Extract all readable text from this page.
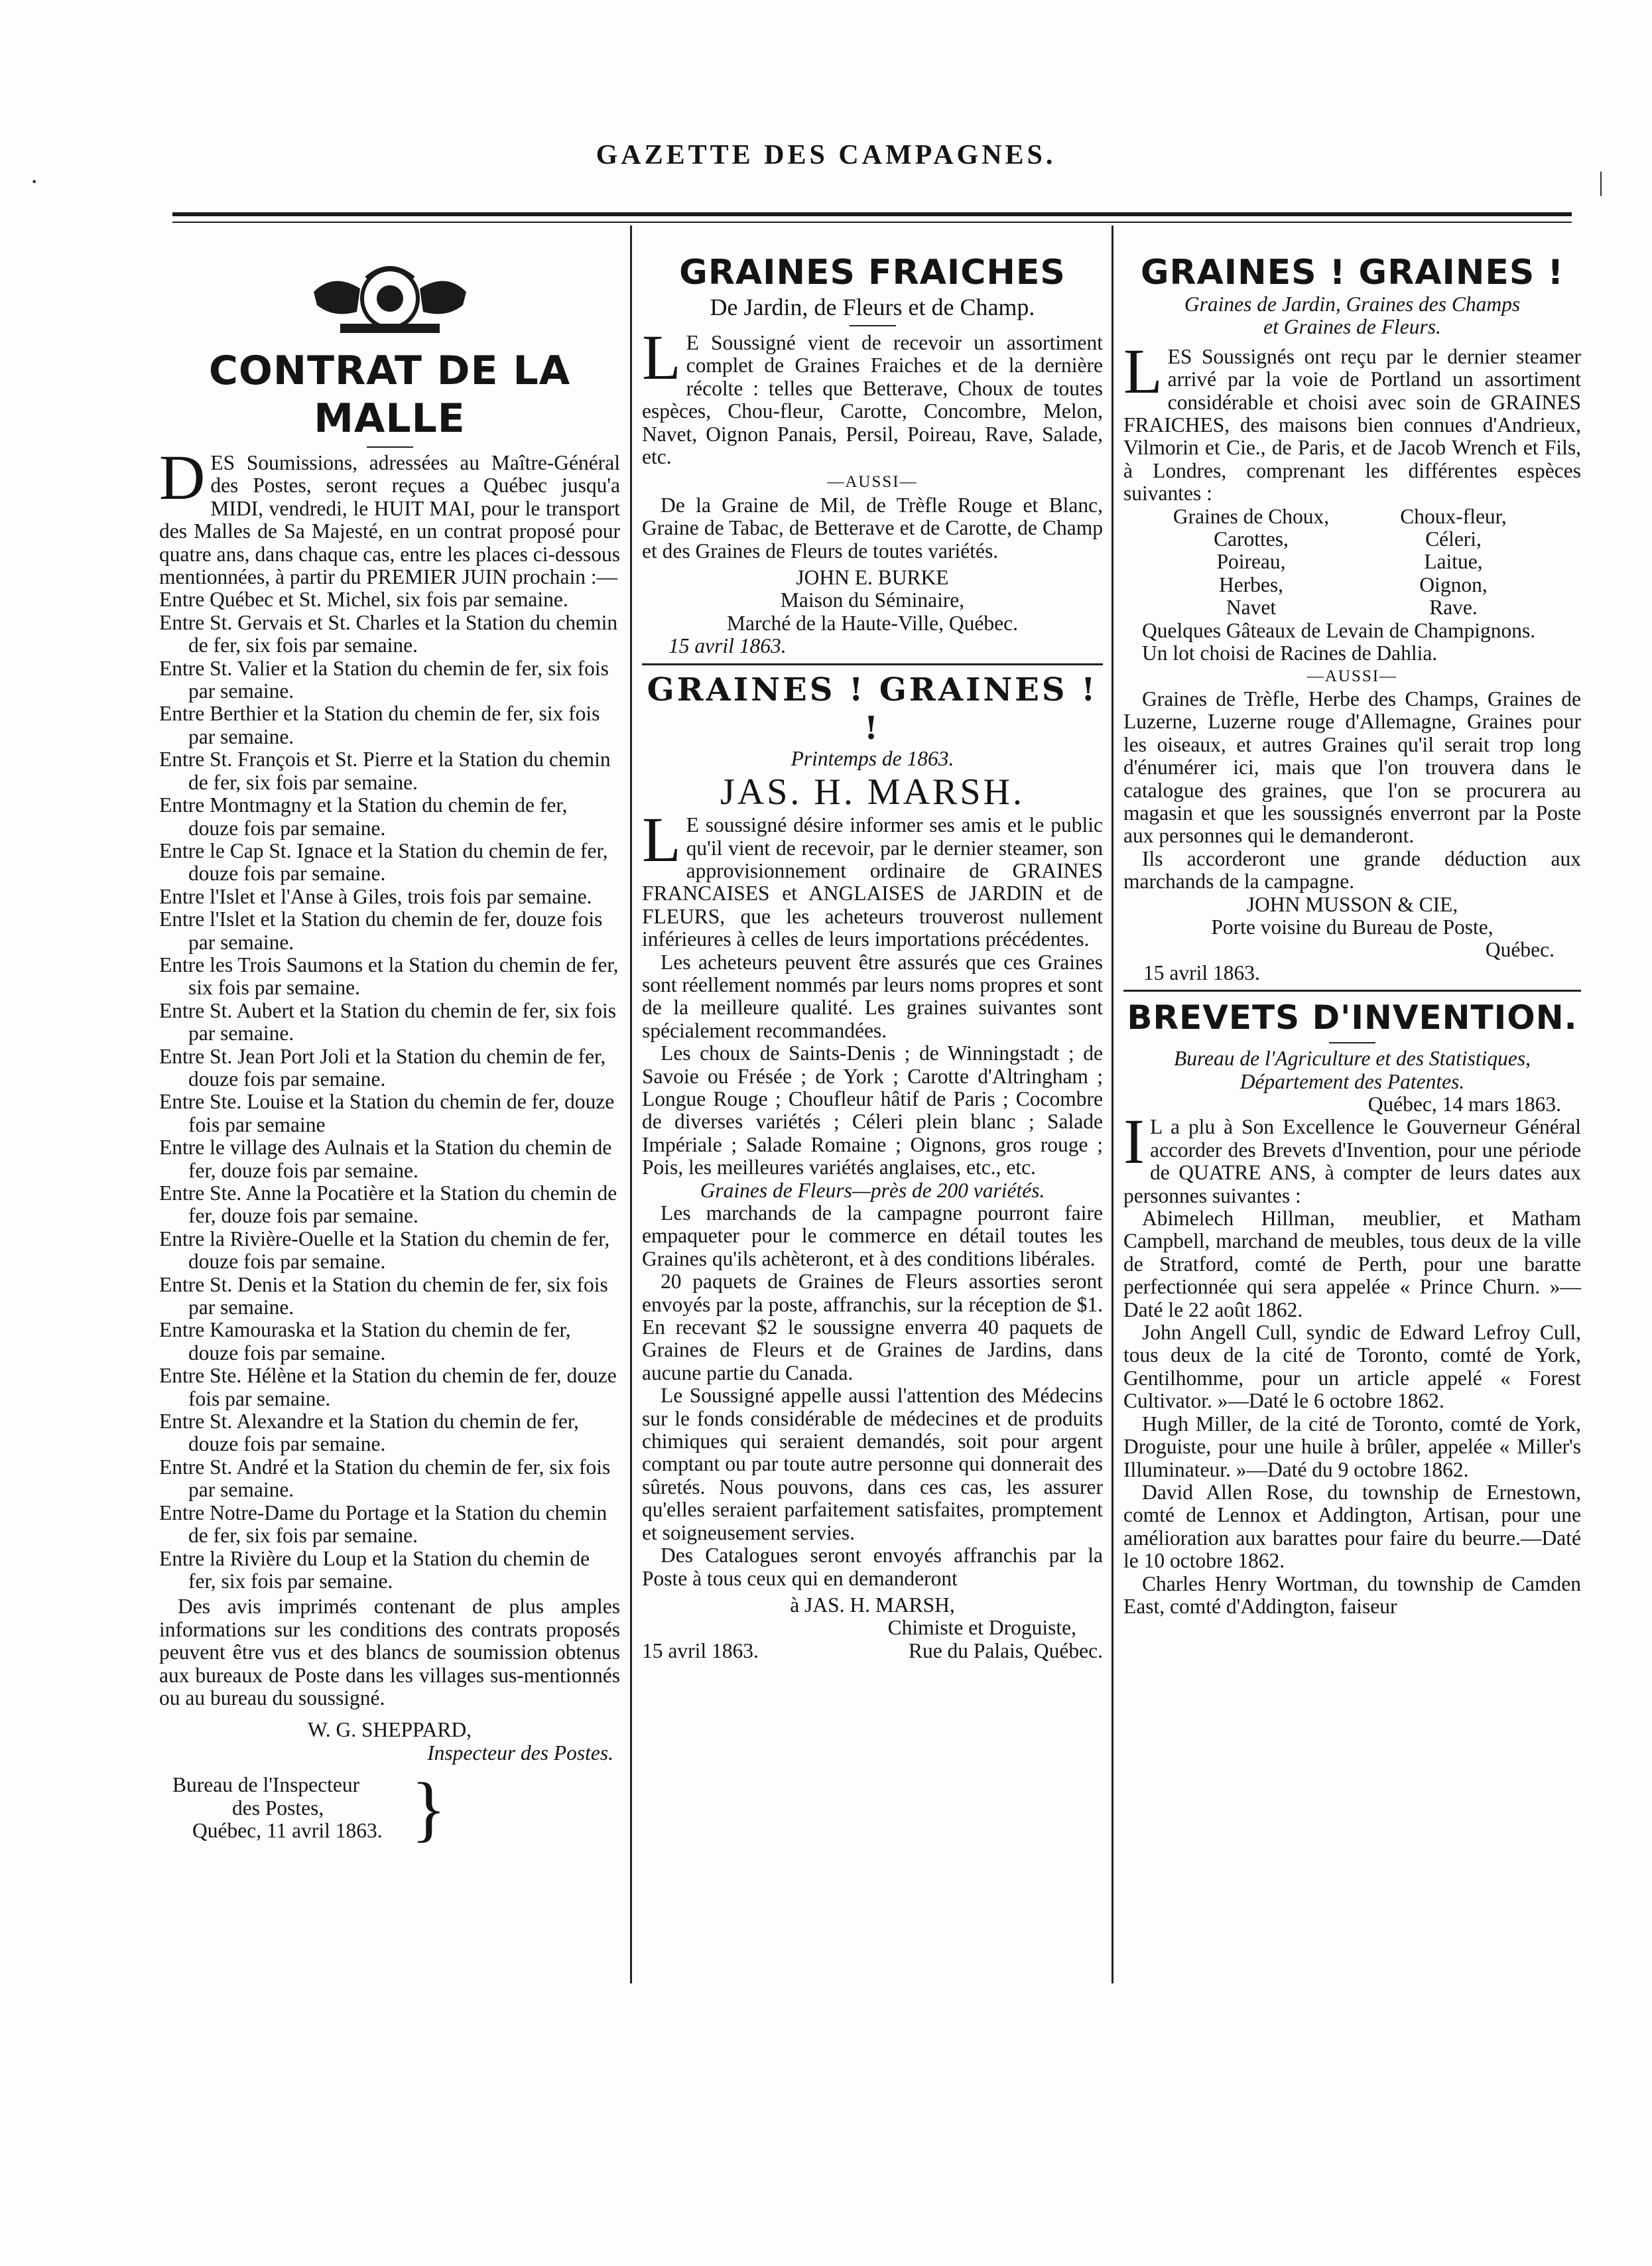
GAZETTE DES CAMPAGNES.
·	|
CONTRAT DE LA MALLE
DES Soumissions, adressées au Maître-Général des Postes, seront reçues a Québec jusqu'a MIDI, vendredi, le HUIT MAI, pour le transport des Malles de Sa Majesté, en un contrat proposé pour quatre ans, dans chaque cas, entre les places ci-dessous mentionnées, à partir du PREMIER JUIN prochain :—
Entre Québec et St. Michel, six fois par semaine.
Entre St. Gervais et St. Charles et la Station du chemin de fer, six fois par semaine.
Entre St. Valier et la Station du chemin de fer, six fois par semaine.
Entre Berthier et la Station du chemin de fer, six fois par semaine.
Entre St. François et St. Pierre et la Station du chemin de fer, six fois par semaine.
Entre Montmagny et la Station du chemin de fer, douze fois par semaine.
Entre le Cap St. Ignace et la Station du chemin de fer, douze fois par semaine.
Entre l'Islet et l'Anse à Giles, trois fois par semaine.
Entre l'Islet et la Station du chemin de fer, douze fois par semaine.
Entre les Trois Saumons et la Station du chemin de fer, six fois par semaine.
Entre St. Aubert et la Station du chemin de fer, six fois par semaine.
Entre St. Jean Port Joli et la Station du chemin de fer, douze fois par semaine.
Entre Ste. Louise et la Station du chemin de fer, douze fois par semaine
Entre le village des Aulnais et la Station du chemin de fer, douze fois par semaine.
Entre Ste. Anne la Pocatière et la Station du chemin de fer, douze fois par semaine.
Entre la Rivière-Ouelle et la Station du chemin de fer, douze fois par semaine.
Entre St. Denis et la Station du chemin de fer, six fois par semaine.
Entre Kamouraska et la Station du chemin de fer, douze fois par semaine.
Entre Ste. Hélène et la Station du chemin de fer, douze fois par semaine.
Entre St. Alexandre et la Station du chemin de fer, douze fois par semaine.
Entre St. André et la Station du chemin de fer, six fois par semaine.
Entre Notre-Dame du Portage et la Station du chemin de fer, six fois par semaine.
Entre la Rivière du Loup et la Station du chemin de fer, six fois par semaine.
Des avis imprimés contenant de plus amples informations sur les conditions des contrats proposés peuvent être vus et des blancs de soumission obtenus aux bureaux de Poste dans les villages sus-mentionnés ou au bureau du soussigné.
W. G. SHEPPARD,
Inspecteur des Postes.
Bureau de l'Inspecteur
des Postes,
Québec, 11 avril 1863. }
GRAINES FRAICHES
De Jardin, de Fleurs et de Champ.
L E Soussigné vient de recevoir un assortiment complet de Graines Fraiches et de la dernière récolte : telles que Betterave, Choux de toutes espèces, Chou-fleur, Carotte, Concombre, Melon, Navet, Oignon Panais, Persil, Poireau, Rave, Salade, etc.
—AUSSI—
De la Graine de Mil, de Trèfle Rouge et Blanc, Graine de Tabac, de Betterave et de Carotte, de Champ et des Graines de Fleurs de toutes variétés.
JOHN E. BURKE
Maison du Séminaire,
Marché de la Haute-Ville, Québec.
15 avril 1863.
GRAINES ! GRAINES ! !
Printemps de 1863.
JAS. H. MARSH.
L E soussigné désire informer ses amis et le public qu'il vient de recevoir, par le dernier steamer, son approvisionnement ordinaire de GRAINES FRANCAISES et ANGLAISES de JARDIN et de FLEURS, que les acheteurs trouverost nullement inférieures à celles de leurs importations précédentes.
Les acheteurs peuvent être assurés que ces Graines sont réellement nommés par leurs noms propres et sont de la meilleure qualité. Les graines suivantes sont spécialement recommandées.
Les choux de Saints-Denis ; de Winningstadt ; de Savoie ou Frésée ; de York ; Carotte d'Altringham ; Longue Rouge ; Choufleur hâtif de Paris ; Cocombre de diverses variétés ; Céleri plein blanc ; Salade Impériale ; Salade Romaine ; Oignons, gros rouge ; Pois, les meilleures variétés anglaises, etc., etc.
Graines de Fleurs—près de 200 variétés.
Les marchands de la campagne pourront faire empaqueter pour le commerce en détail toutes les Graines qu'ils achèteront, et à des conditions libérales.
20 paquets de Graines de Fleurs assorties seront envoyés par la poste, affranchis, sur la réception de $1. En recevant $2 le soussigne enverra 40 paquets de Graines de Fleurs et de Graines de Jardins, dans aucune partie du Canada.
Le Soussigné appelle aussi l'attention des Médecins sur le fonds considérable de médecines et de produits chimiques qui seraient demandés, soit pour argent comptant ou par toute autre personne qui donnerait des sûretés. Nous pouvons, dans ces cas, les assurer qu'elles seraient parfaitement satisfaites, promptement et soigneusement servies.
Des Catalogues seront envoyés affranchis par la Poste à tous ceux qui en demanderont
à JAS. H. MARSH,
Chimiste et Droguiste,
15 avril 1863.	Rue du Palais, Québec.
GRAINES ! GRAINES !
Graines de Jardin, Graines des Champs
et Graines de Fleurs.
LES Soussignés ont reçu par le dernier steamer arrivé par la voie de Portland un assortiment considérable et choisi avec soin de GRAINES FRAICHES, des maisons bien connues d'Andrieux, Vilmorin et Cie., de Paris, et de Jacob Wrench et Fils, à Londres, comprenant les différentes espèces suivantes :
Graines de Choux,	Choux-fleur,
Carottes,	Céleri,
Poireau,	Laitue,
Herbes,	Oignon,
Navet	Rave.
Quelques Gâteaux de Levain de Champignons.
Un lot choisi de Racines de Dahlia.
—AUSSI—
Graines de Trèfle, Herbe des Champs, Graines de Luzerne, Luzerne rouge d'Allemagne, Graines pour les oiseaux, et autres Graines qu'il serait trop long d'énumérer ici, mais que l'on trouvera dans le catalogue des graines, que l'on se procurera au magasin et que les soussignés enverront par la Poste aux personnes qui le demanderont.
Ils accorderont une grande déduction aux marchands de la campagne.
JOHN MUSSON & CIE,
Porte voisine du Bureau de Poste,
Québec.
15 avril 1863.
BREVETS D'INVENTION.
Bureau de l'Agriculture et des Statistiques,
Département des Patentes.
Québec, 14 mars 1863.
I L a plu à Son Excellence le Gouverneur Général accorder des Brevets d'Invention, pour une période de QUATRE ANS, à compter de leurs dates aux personnes suivantes :
Abimelech Hillman, meublier, et Matham Campbell, marchand de meubles, tous deux de la ville de Stratford, comté de Perth, pour une baratte perfectionnée qui sera appelée « Prince Churn. »—Daté le 22 août 1862.
John Angell Cull, syndic de Edward Lefroy Cull, tous deux de la cité de Toronto, comté de York, Gentilhomme, pour un article appelé « Forest Cultivator. »—Daté le 6 octobre 1862.
Hugh Miller, de la cité de Toronto, comté de York, Droguiste, pour une huile à brûler, appelée « Miller's Illuminateur. »—Daté du 9 octobre 1862.
David Allen Rose, du township de Ernestown, comté de Lennox et Addington, Artisan, pour une amélioration aux barattes pour faire du beurre.—Daté le 10 octobre 1862.
Charles Henry Wortman, du township de Camden East, comté d'Addington, faiseur
